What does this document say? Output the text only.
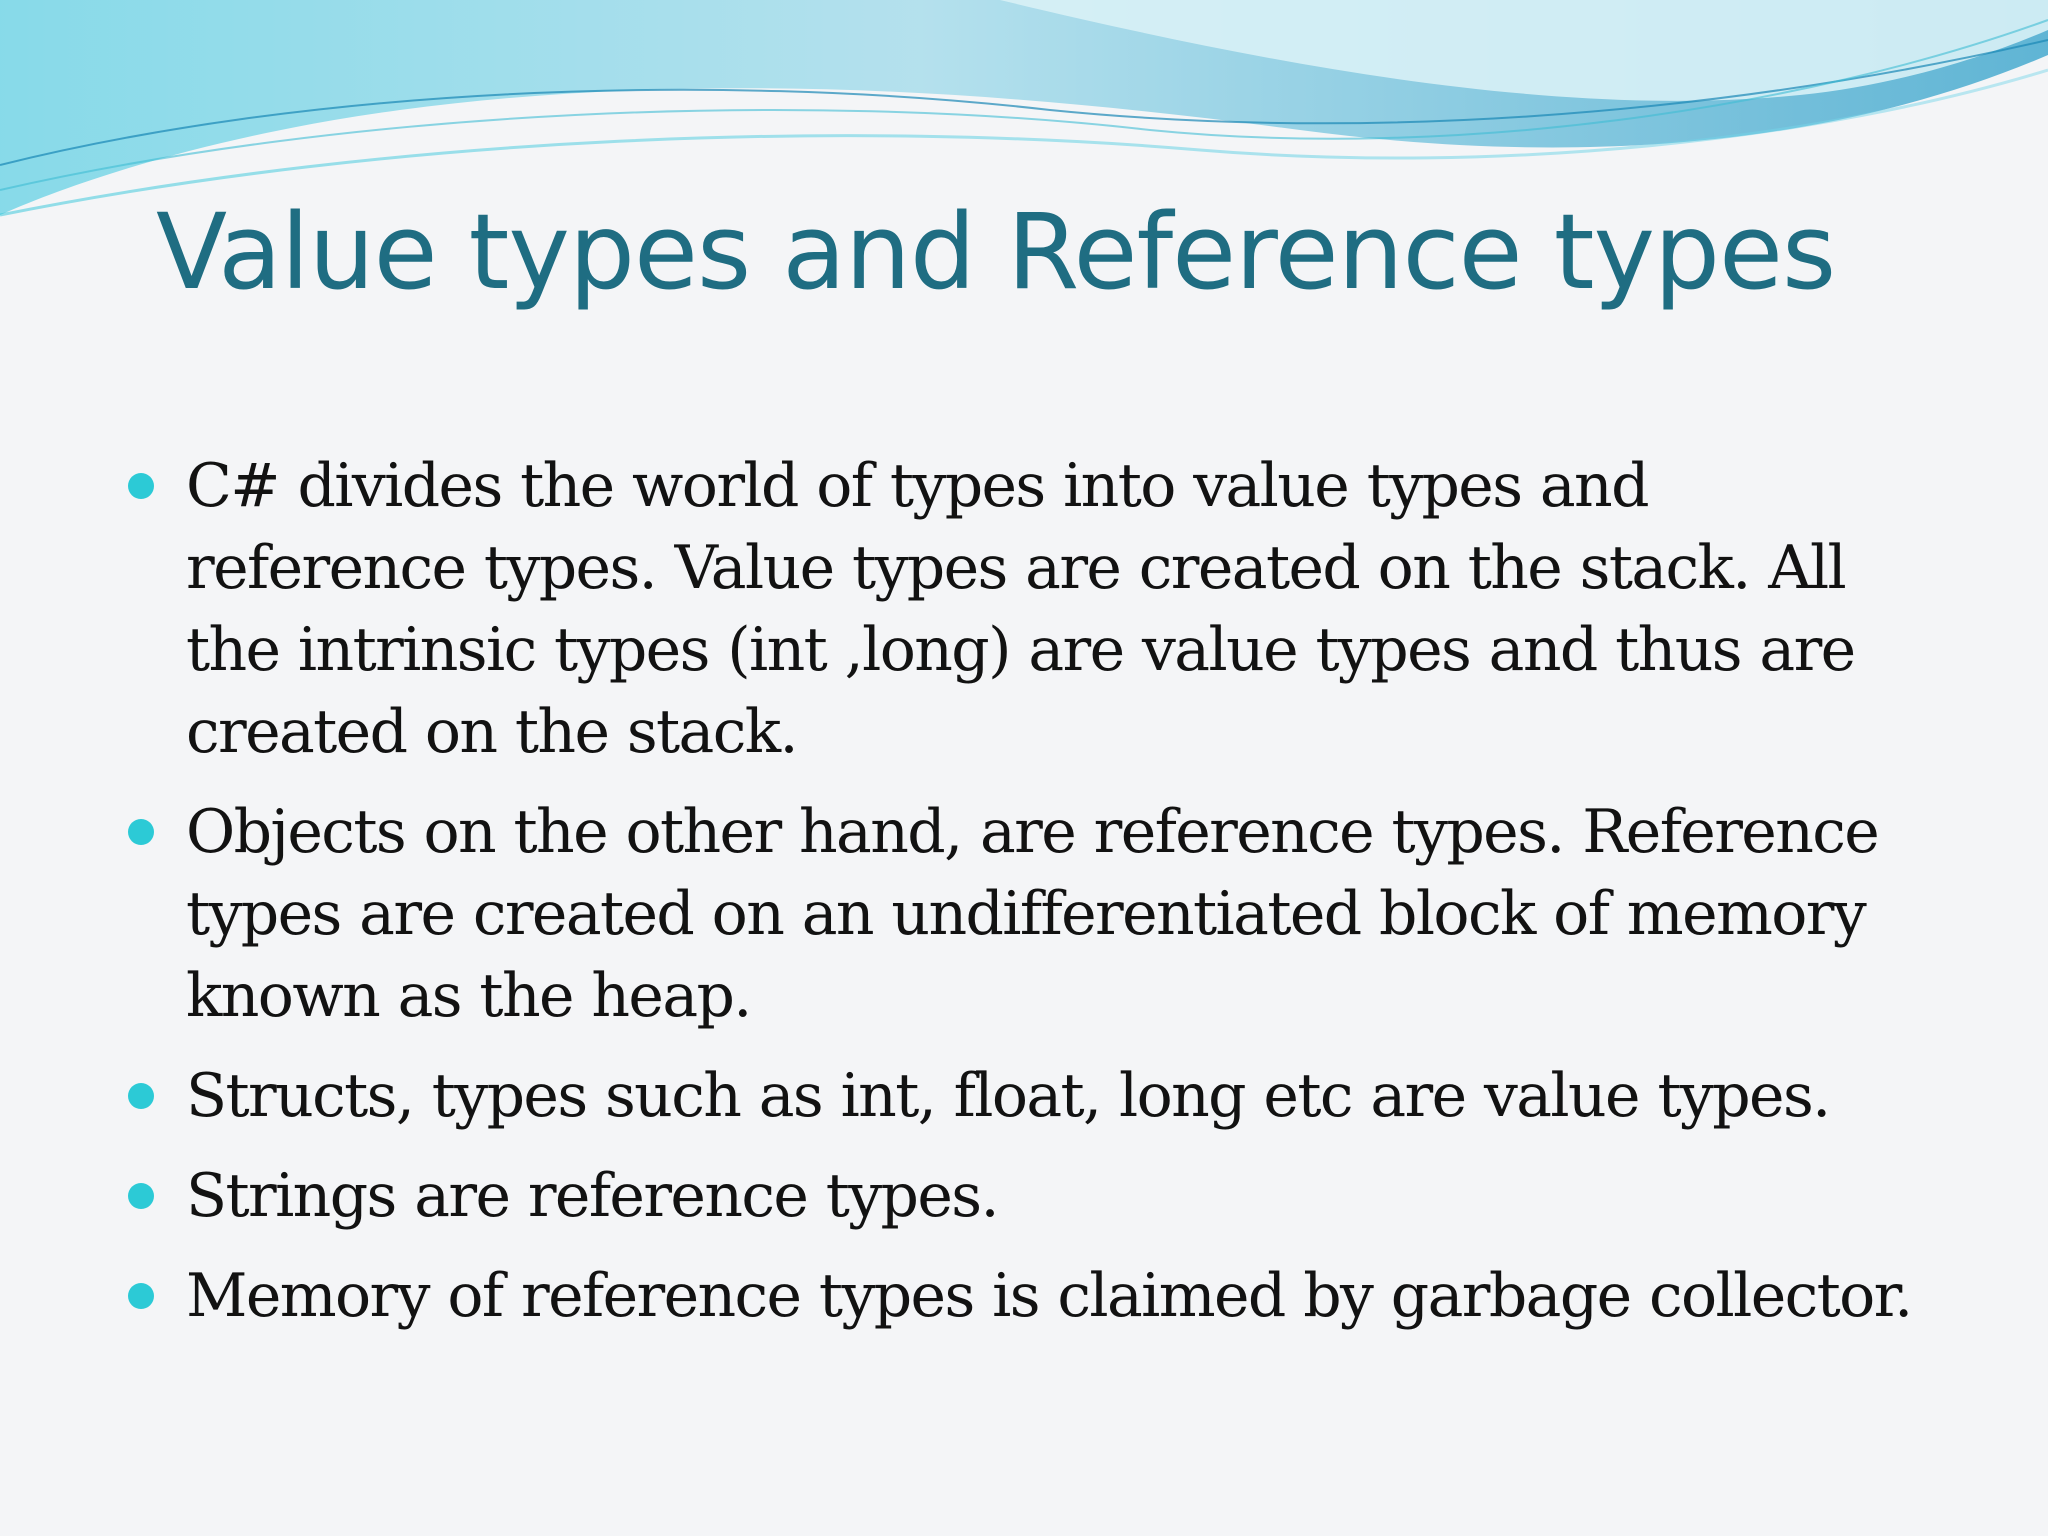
Value types and Reference types
C# divides the world of types into value types and reference types. Value types are created on the stack. All the intrinsic types (int ,long) are value types and thus are created on the stack.
Objects on the other hand, are reference types. Reference types are created on an undifferentiated block of memory known as the heap.
Structs, types such as int, float, long etc are value types.
Strings are reference types.
Memory of reference types is claimed by garbage collector.
